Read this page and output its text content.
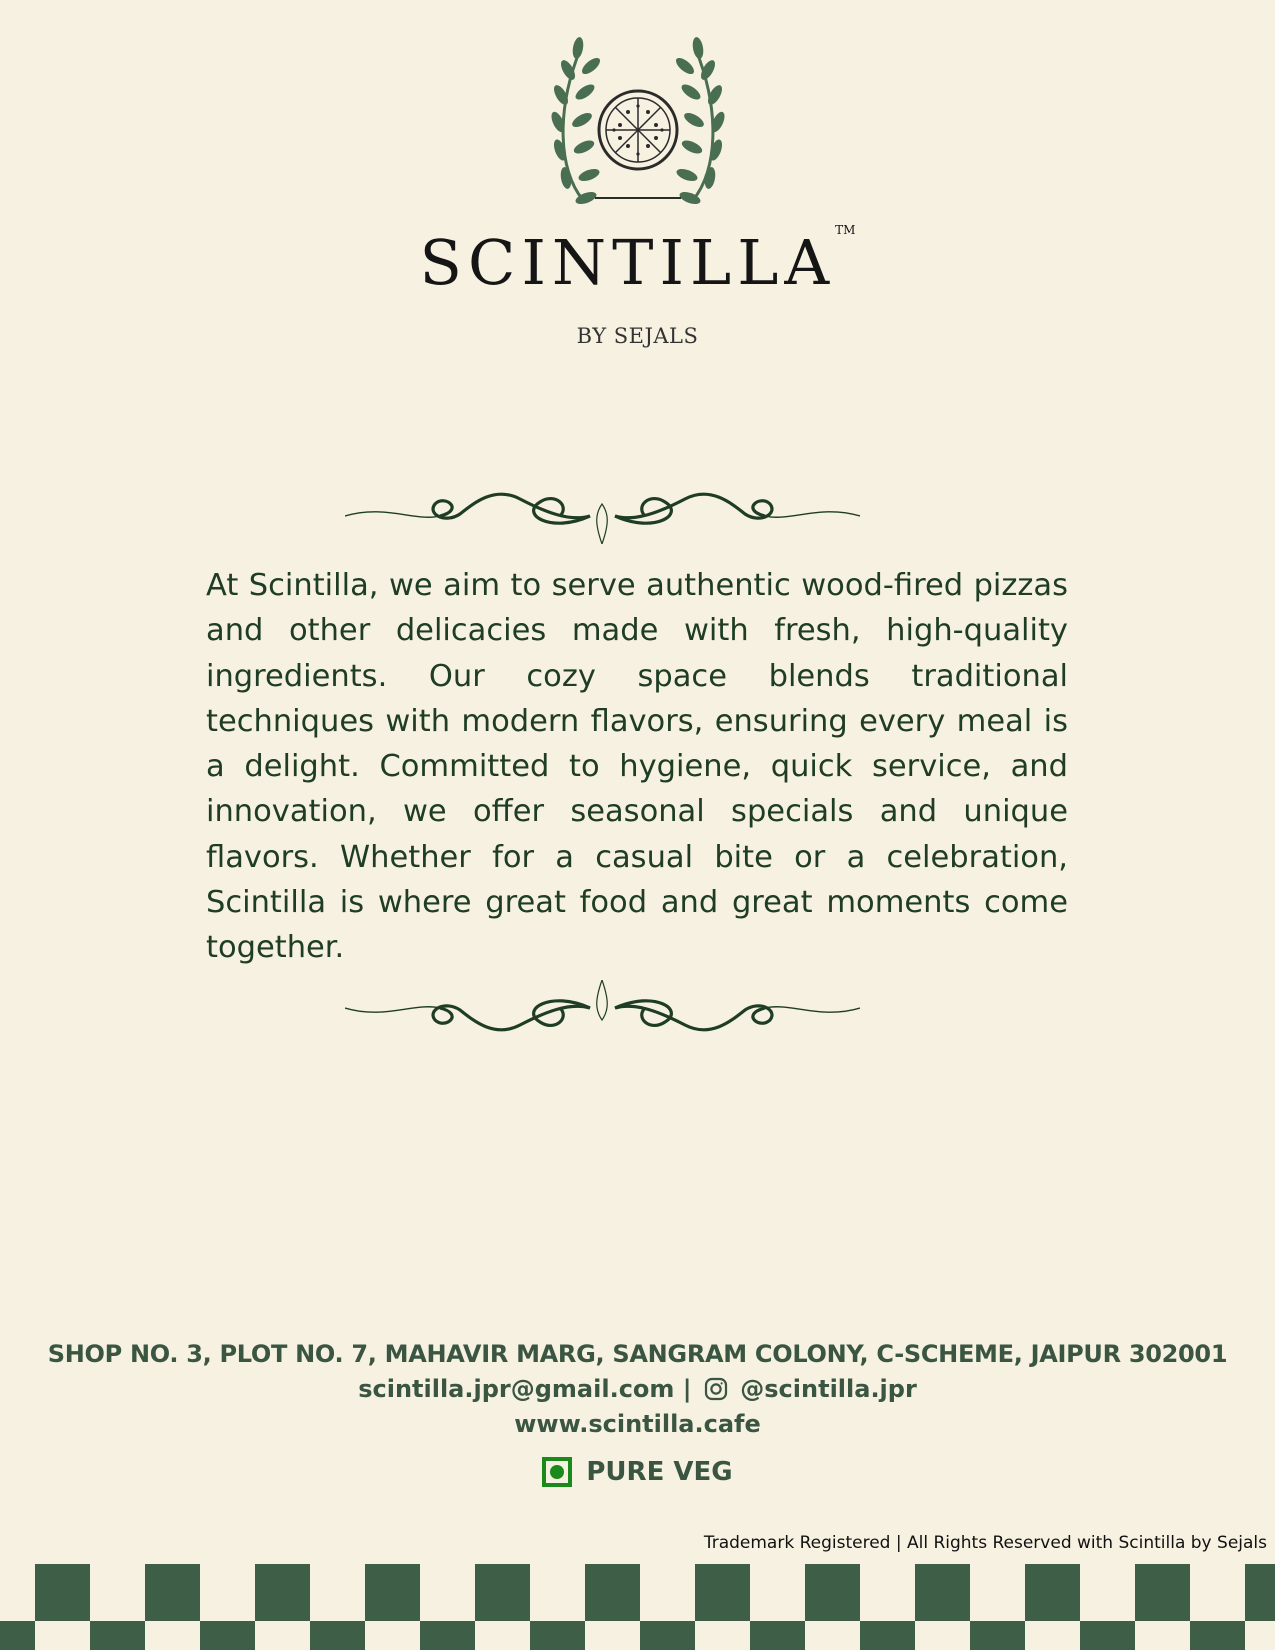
SCINTILLA™
BY SEJALS

At Scintilla, we aim to serve authentic wood-fired pizzas and other delicacies made with fresh, high-quality ingredients. Our cozy space blends traditional techniques with modern flavors, ensuring every meal is a delight. Committed to hygiene, quick service, and innovation, we offer seasonal specials and unique flavors. Whether for a casual bite or a celebration, Scintilla is where great food and great moments come together.

SHOP NO. 3, PLOT NO. 7, MAHAVIR MARG, SANGRAM COLONY, C-SCHEME, JAIPUR 302001
scintilla.jpr@gmail.com | @scintilla.jpr
www.scintilla.cafe
PURE VEG
Trademark Registered | All Rights Reserved with Scintilla by Sejals
